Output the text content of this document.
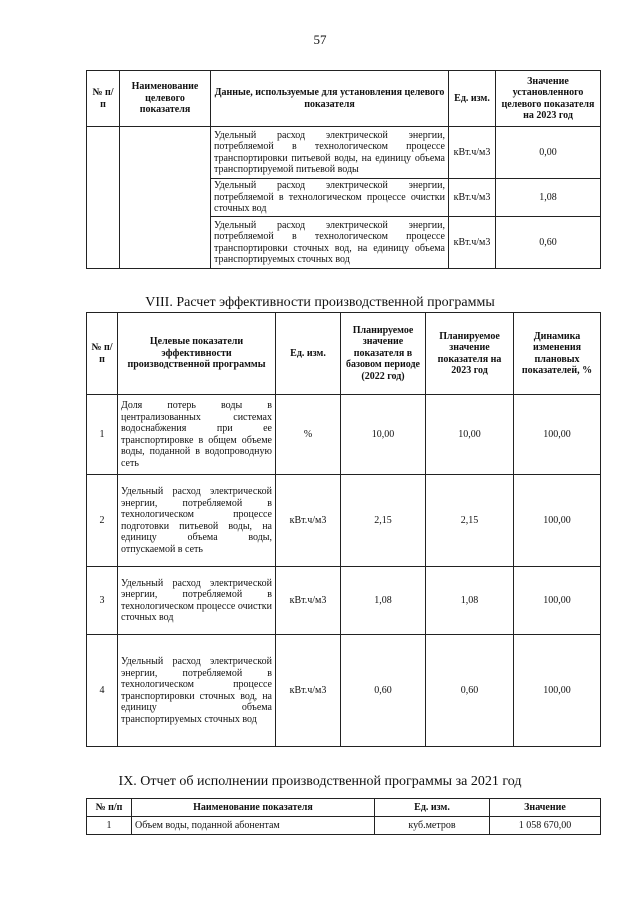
57
№ п/п	Наименование целевого показателя	Данные, используемые для установления целевого показателя	Ед. изм.	Значение установленного целевого показателя на 2023 год
		Удельный расход электрической энергии, потребляемой в технологическом процессе транспортировки питьевой воды, на единицу объема транспортируемой питьевой воды	кВт.ч/м3	0,00
		Удельный расход электрической энергии, потребляемой в технологическом процессе очистки сточных вод	кВт.ч/м3	1,08
		Удельный расход электрической энергии, потребляемой в технологическом процессе транспортировки сточных вод, на единицу объема транспортируемых сточных вод	кВт.ч/м3	0,60
VIII. Расчет эффективности производственной программы
№ п/п	Целевые показатели эффективности производственной программы	Ед. изм.	Планируемое значение показателя в базовом периоде (2022 год)	Планируемое значение показателя на 2023 год	Динамика изменения плановых показателей, %
1	Доля потерь воды в централизованных системах водоснабжения при ее транспортировке в общем объеме воды, поданной в водопроводную сеть	%	10,00	10,00	100,00
2	Удельный расход электрической энергии, потребляемой в технологическом процессе подготовки питьевой воды, на единицу объема воды, отпускаемой в сеть	кВт.ч/м3	2,15	2,15	100,00
3	Удельный расход электрической энергии, потребляемой в технологическом процессе очистки сточных вод	кВт.ч/м3	1,08	1,08	100,00
4	Удельный расход электрической энергии, потребляемой в технологическом процессе транспортировки сточных вод, на единицу объема транспортируемых сточных вод	кВт.ч/м3	0,60	0,60	100,00
IX. Отчет об исполнении производственной программы за 2021 год
№ п/п	Наименование показателя	Ед. изм.	Значение
1	Объем воды, поданной абонентам	куб.метров	1 058 670,00
